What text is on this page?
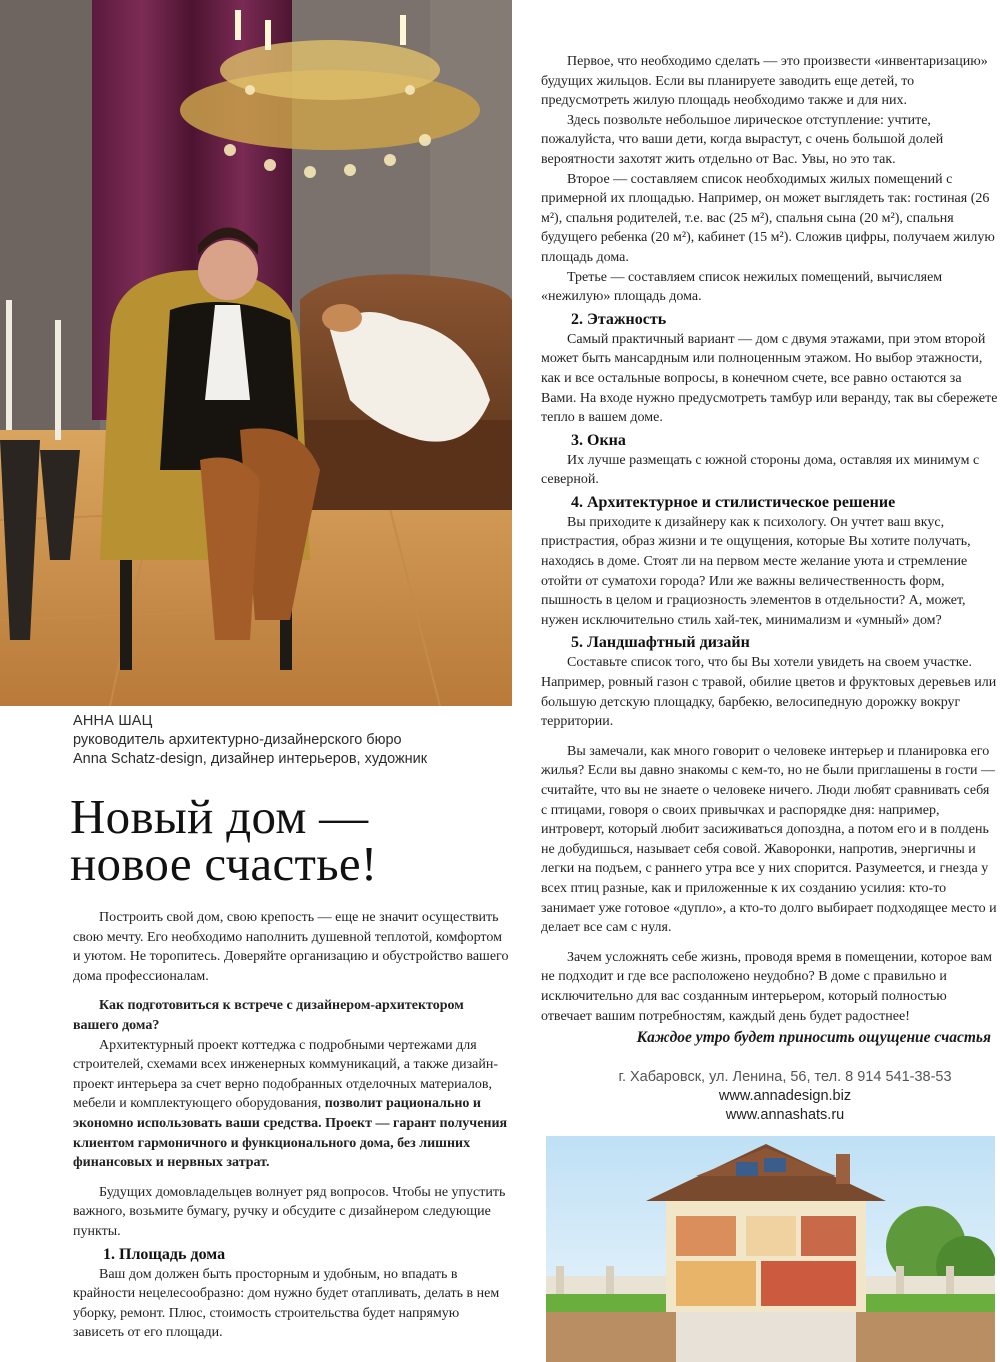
АННА ШАЦ
руководитель архитектурно-дизайнерского бюро
Anna Schatz-design, дизайнер интерьеров, художник
Новый дом —
новое счастье!

Построить свой дом, свою крепость — еще не значит осуществить свою мечту. Его необходимо наполнить душевной теплотой, комфортом и уютом. Не торопитесь. Доверяйте организацию и обустройство вашего дома профессионалам.

Как подготовиться к встрече с дизайнером-архитектором вашего дома?

Архитектурный проект коттеджа с подробными чертежами для строителей, схемами всех инженерных коммуникаций, а также дизайн-проект интерьера за счет верно подобранных отделочных материалов, мебели и комплектующего оборудования, позволит рационально и экономно использовать ваши средства. Проект — гарант получения клиентом гармоничного и функционального дома, без лишних финансовых и нервных затрат.

Будущих домовладельцев волнует ряд вопросов. Чтобы не упустить важного, возьмите бумагу, ручку и обсудите с дизайнером следующие пункты.

1. Площадь дома

Ваш дом должен быть просторным и удобным, но впадать в крайности нецелесообразно: дом нужно будет отапливать, делать в нем уборку, ремонт. Плюс, стоимость строительства будет напрямую зависеть от его площади.

Первое, что необходимо сделать — это произвести «инвентаризацию» будущих жильцов. Если вы планируете заводить еще детей, то предусмотреть жилую площадь необходимо также и для них.

Здесь позвольте небольшое лирическое отступление: учтите, пожалуйста, что ваши дети, когда вырастут, с очень большой долей вероятности захотят жить отдельно от Вас. Увы, но это так.

Второе — составляем список необходимых жилых помещений с примерной их площадью. Например, он может выглядеть так: гостиная (26 м²), спальня родителей, т.е. вас (25 м²), спальня сына (20 м²), спальня будущего ребенка (20 м²), кабинет (15 м²). Сложив цифры, получаем жилую площадь дома.

Третье — составляем список нежилых помещений, вычисляем «нежилую» площадь дома.

2. Этажность

Самый практичный вариант — дом с двумя этажами, при этом второй может быть мансардным или полноценным этажом. Но выбор этажности, как и все остальные вопросы, в конечном счете, все равно остаются за Вами. На входе нужно предусмотреть тамбур или веранду, так вы сбережете тепло в вашем доме.

3. Окна

Их лучше размещать с южной стороны дома, оставляя их минимум с северной.

4. Архитектурное и стилистическое решение

Вы приходите к дизайнеру как к психологу. Он учтет ваш вкус, пристрастия, образ жизни и те ощущения, которые Вы хотите получать, находясь в доме. Стоят ли на первом месте желание уюта и стремление отойти от суматохи города? Или же важны величественность форм, пышность в целом и грациозность элементов в отдельности? А, может, нужен исключительно стиль хай-тек, минимализм и «умный» дом?

5. Ландшафтный дизайн

Составьте список того, что бы Вы хотели увидеть на своем участке. Например, ровный газон с травой, обилие цветов и фруктовых деревьев или большую детскую площадку, барбекю, велосипедную дорожку вокруг территории.

Вы замечали, как много говорит о человеке интерьер и планировка его жилья? Если вы давно знакомы с кем-то, но не были приглашены в гости — считайте, что вы не знаете о человеке ничего. Люди любят сравнивать себя с птицами, говоря о своих привычках и распорядке дня: например, интроверт, который любит засиживаться допоздна, а потом его и в полдень не добудишься, называет себя совой. Жаворонки, напротив, энергичны и легки на подъем, с раннего утра все у них спорится. Разумеется, и гнезда у всех птиц разные, как и приложенные к их созданию усилия: кто-то занимает уже готовое «дупло», а кто-то долго выбирает подходящее место и делает все сам с нуля.

Зачем усложнять себе жизнь, проводя время в помещении, которое вам не подходит и где все расположено неудобно? В доме с правильно и исключительно для вас созданным интерьером, который полностью отвечает вашим потребностям, каждый день будет радостнее!

Каждое утро будет приносить ощущение счастья
г. Хабаровск, ул. Ленина, 56, тел. 8 914 541-38-53
www.annadesign.biz
www.annashats.ru
